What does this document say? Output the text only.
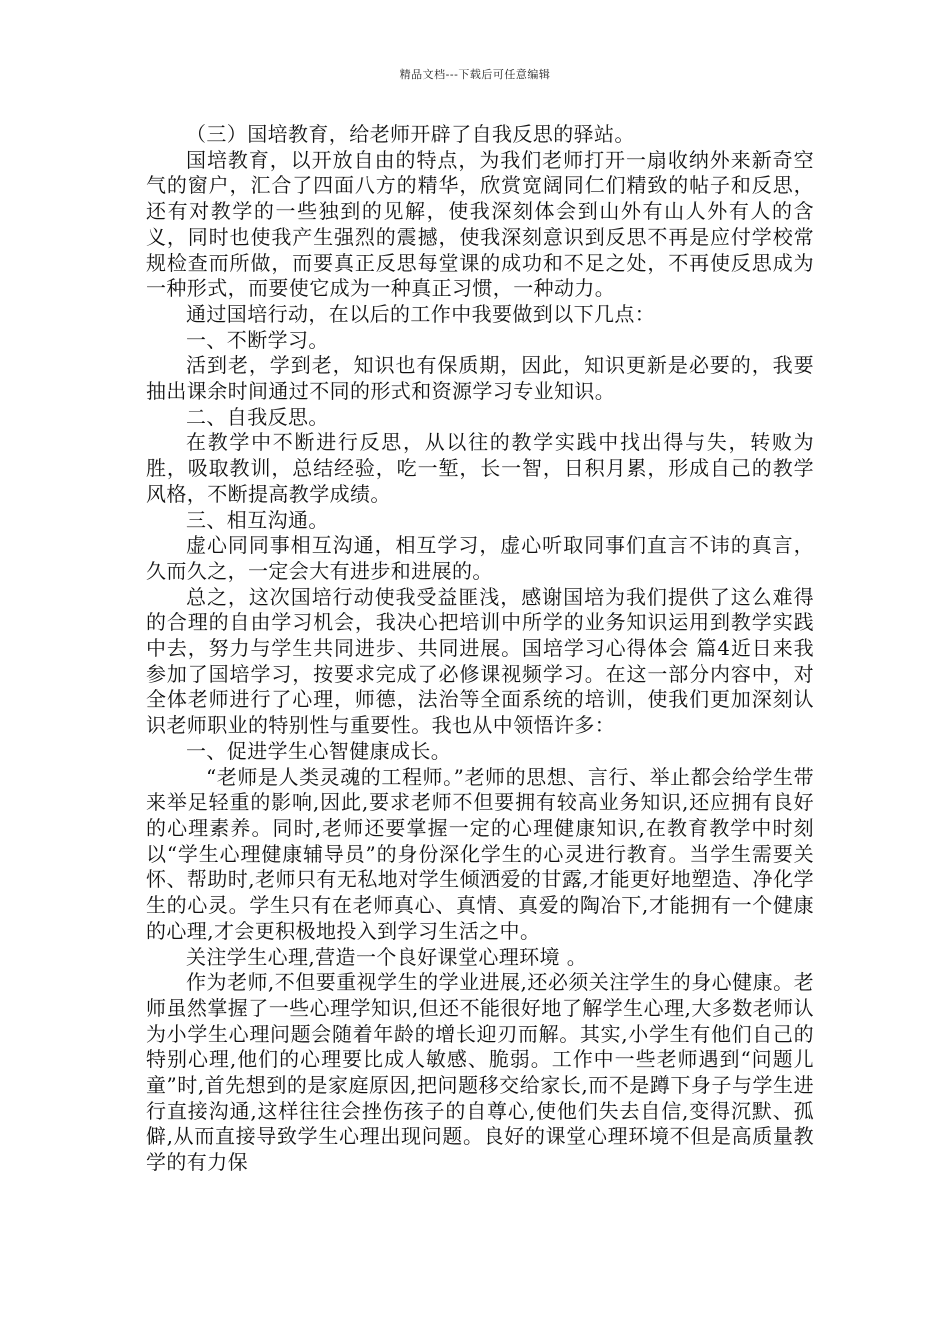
精品文档---下载后可任意编辑

（三）国培教育，给老师开辟了自我反思的驿站。

国培教育，以开放自由的特点，为我们老师打开一扇收纳外来新奇空气的窗户，汇合了四面八方的精华，欣赏宽阔同仁们精致的帖子和反思，还有对教学的一些独到的见解，使我深刻体会到山外有山人外有人的含义，同时也使我产生强烈的震撼，使我深刻意识到反思不再是应付学校常规检查而所做，而要真正反思每堂课的成功和不足之处，不再使反思成为一种形式，而要使它成为一种真正习惯，一种动力。

通过国培行动，在以后的工作中我要做到以下几点：

一、不断学习。

活到老，学到老，知识也有保质期，因此，知识更新是必要的，我要抽出课余时间通过不同的形式和资源学习专业知识。

二、自我反思。

在教学中不断进行反思，从以往的教学实践中找出得与失，转败为胜，吸取教训，总结经验，吃一堑，长一智，日积月累，形成自己的教学风格，不断提高教学成绩。

三、相互沟通。

虚心同同事相互沟通，相互学习，虚心听取同事们直言不讳的真言，久而久之，一定会大有进步和进展的。

总之，这次国培行动使我受益匪浅，感谢国培为我们提供了这么难得的合理的自由学习机会，我决心把培训中所学的业务知识运用到教学实践中去，努力与学生共同进步、共同进展。国培学习心得体会 篇4近日来我参加了国培学习，按要求完成了必修课视频学习。在这一部分内容中，对全体老师进行了心理，师德，法治等全面系统的培训，使我们更加深刻认识老师职业的特别性与重要性。我也从中领悟许多：

一、促进学生心智健康成长。

“老师是人类灵魂的工程师。”老师的思想、言行、举止都会给学生带来举足轻重的影响,因此,要求老师不但要拥有较高业务知识,还应拥有良好的心理素养。同时,老师还要掌握一定的心理健康知识,在教育教学中时刻以“学生心理健康辅导员”的身份深化学生的心灵进行教育。当学生需要关怀、帮助时,老师只有无私地对学生倾洒爱的甘露,才能更好地塑造、净化学生的心灵。学生只有在老师真心、真情、真爱的陶冶下,才能拥有一个健康的心理,才会更积极地投入到学习生活之中。

关注学生心理,营造一个良好课堂心理环境 。

作为老师,不但要重视学生的学业进展,还必须关注学生的身心健康。老师虽然掌握了一些心理学知识,但还不能很好地了解学生心理,大多数老师认为小学生心理问题会随着年龄的增长迎刃而解。其实,小学生有他们自己的特别心理,他们的心理要比成人敏感、脆弱。工作中一些老师遇到“问题儿童”时,首先想到的是家庭原因,把问题移交给家长,而不是蹲下身子与学生进行直接沟通,这样往往会挫伤孩子的自尊心,使他们失去自信,变得沉默、孤僻,从而直接导致学生心理出现问题。良好的课堂心理环境不但是高质量教学的有力保
